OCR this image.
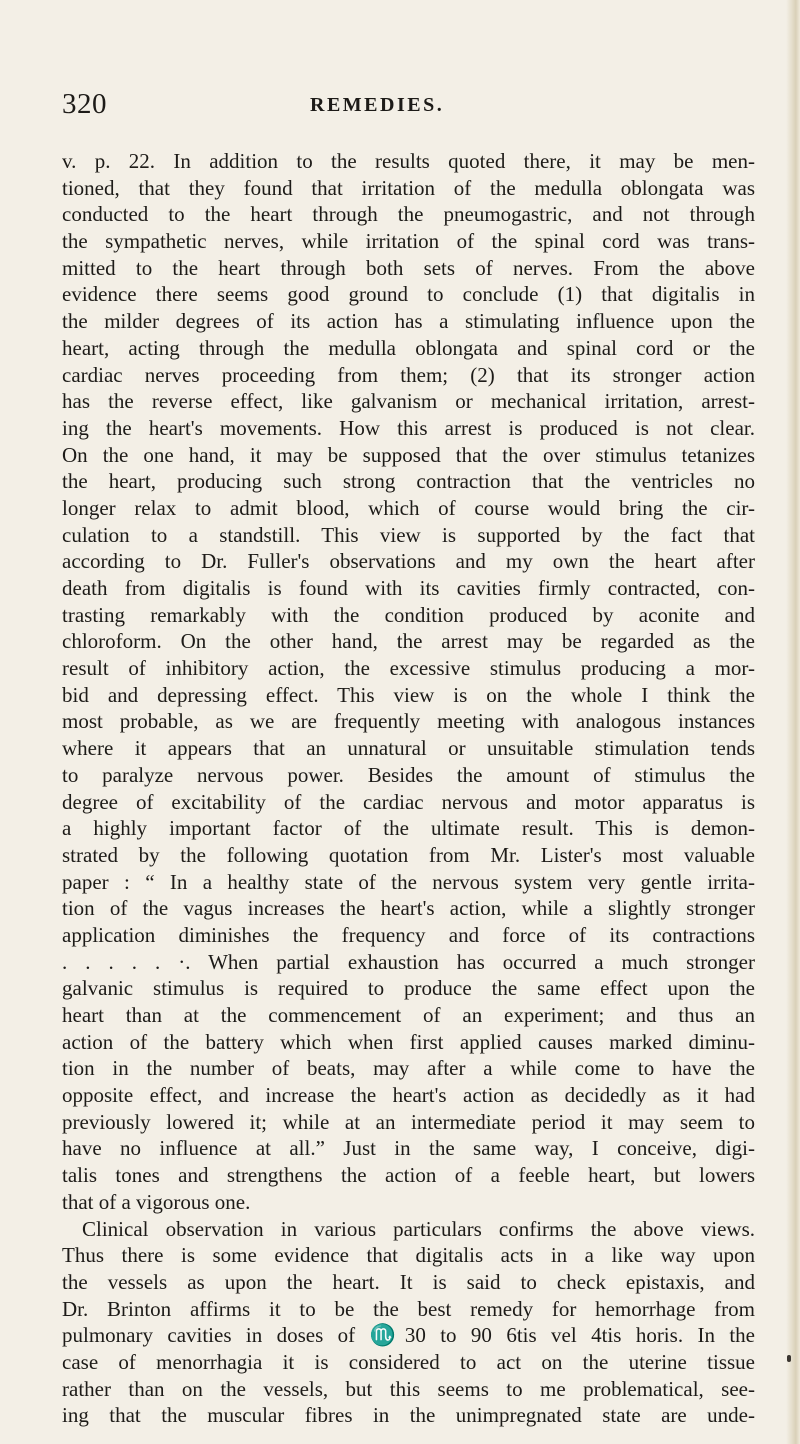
320	REMEDIES.
v. p. 22. In addition to the results quoted there, it may be men-
tioned, that they found that irritation of the medulla oblongata was
conducted to the heart through the pneumogastric, and not through
the sympathetic nerves, while irritation of the spinal cord was trans-
mitted to the heart through both sets of nerves. From the above
evidence there seems good ground to conclude (1) that digitalis in
the milder degrees of its action has a stimulating influence upon the
heart, acting through the medulla oblongata and spinal cord or the
cardiac nerves proceeding from them; (2) that its stronger action
has the reverse effect, like galvanism or mechanical irritation, arrest-
ing the heart's movements. How this arrest is produced is not clear.
On the one hand, it may be supposed that the over stimulus tetanizes
the heart, producing such strong contraction that the ventricles no
longer relax to admit blood, which of course would bring the cir-
culation to a standstill. This view is supported by the fact that
according to Dr. Fuller's observations and my own the heart after
death from digitalis is found with its cavities firmly contracted, con-
trasting remarkably with the condition produced by aconite and
chloroform. On the other hand, the arrest may be regarded as the
result of inhibitory action, the excessive stimulus producing a mor-
bid and depressing effect. This view is on the whole I think the
most probable, as we are frequently meeting with analogous instances
where it appears that an unnatural or unsuitable stimulation tends
to paralyze nervous power. Besides the amount of stimulus the
degree of excitability of the cardiac nervous and motor apparatus is
a highly important factor of the ultimate result. This is demon-
strated by the following quotation from Mr. Lister's most valuable
paper : “ In a healthy state of the nervous system very gentle irrita-
tion of the vagus increases the heart's action, while a slightly stronger
application diminishes the frequency and force of its contractions
. . . . . ·. When partial exhaustion has occurred a much stronger
galvanic stimulus is required to produce the same effect upon the
heart than at the commencement of an experiment; and thus an
action of the battery which when first applied causes marked diminu-
tion in the number of beats, may after a while come to have the
opposite effect, and increase the heart's action as decidedly as it had
previously lowered it; while at an intermediate period it may seem to
have no influence at all.” Just in the same way, I conceive, digi-
talis tones and strengthens the action of a feeble heart, but lowers
that of a vigorous one.
Clinical observation in various particulars confirms the above views.
Thus there is some evidence that digitalis acts in a like way upon
the vessels as upon the heart. It is said to check epistaxis, and
Dr. Brinton affirms it to be the best remedy for hemorrhage from
pulmonary cavities in doses of ♏30 to 90 6tis vel 4tis horis. In the
case of menorrhagia it is considered to act on the uterine tissue
rather than on the vessels, but this seems to me problematical, see-
ing that the muscular fibres in the unimpregnated state are unde-
